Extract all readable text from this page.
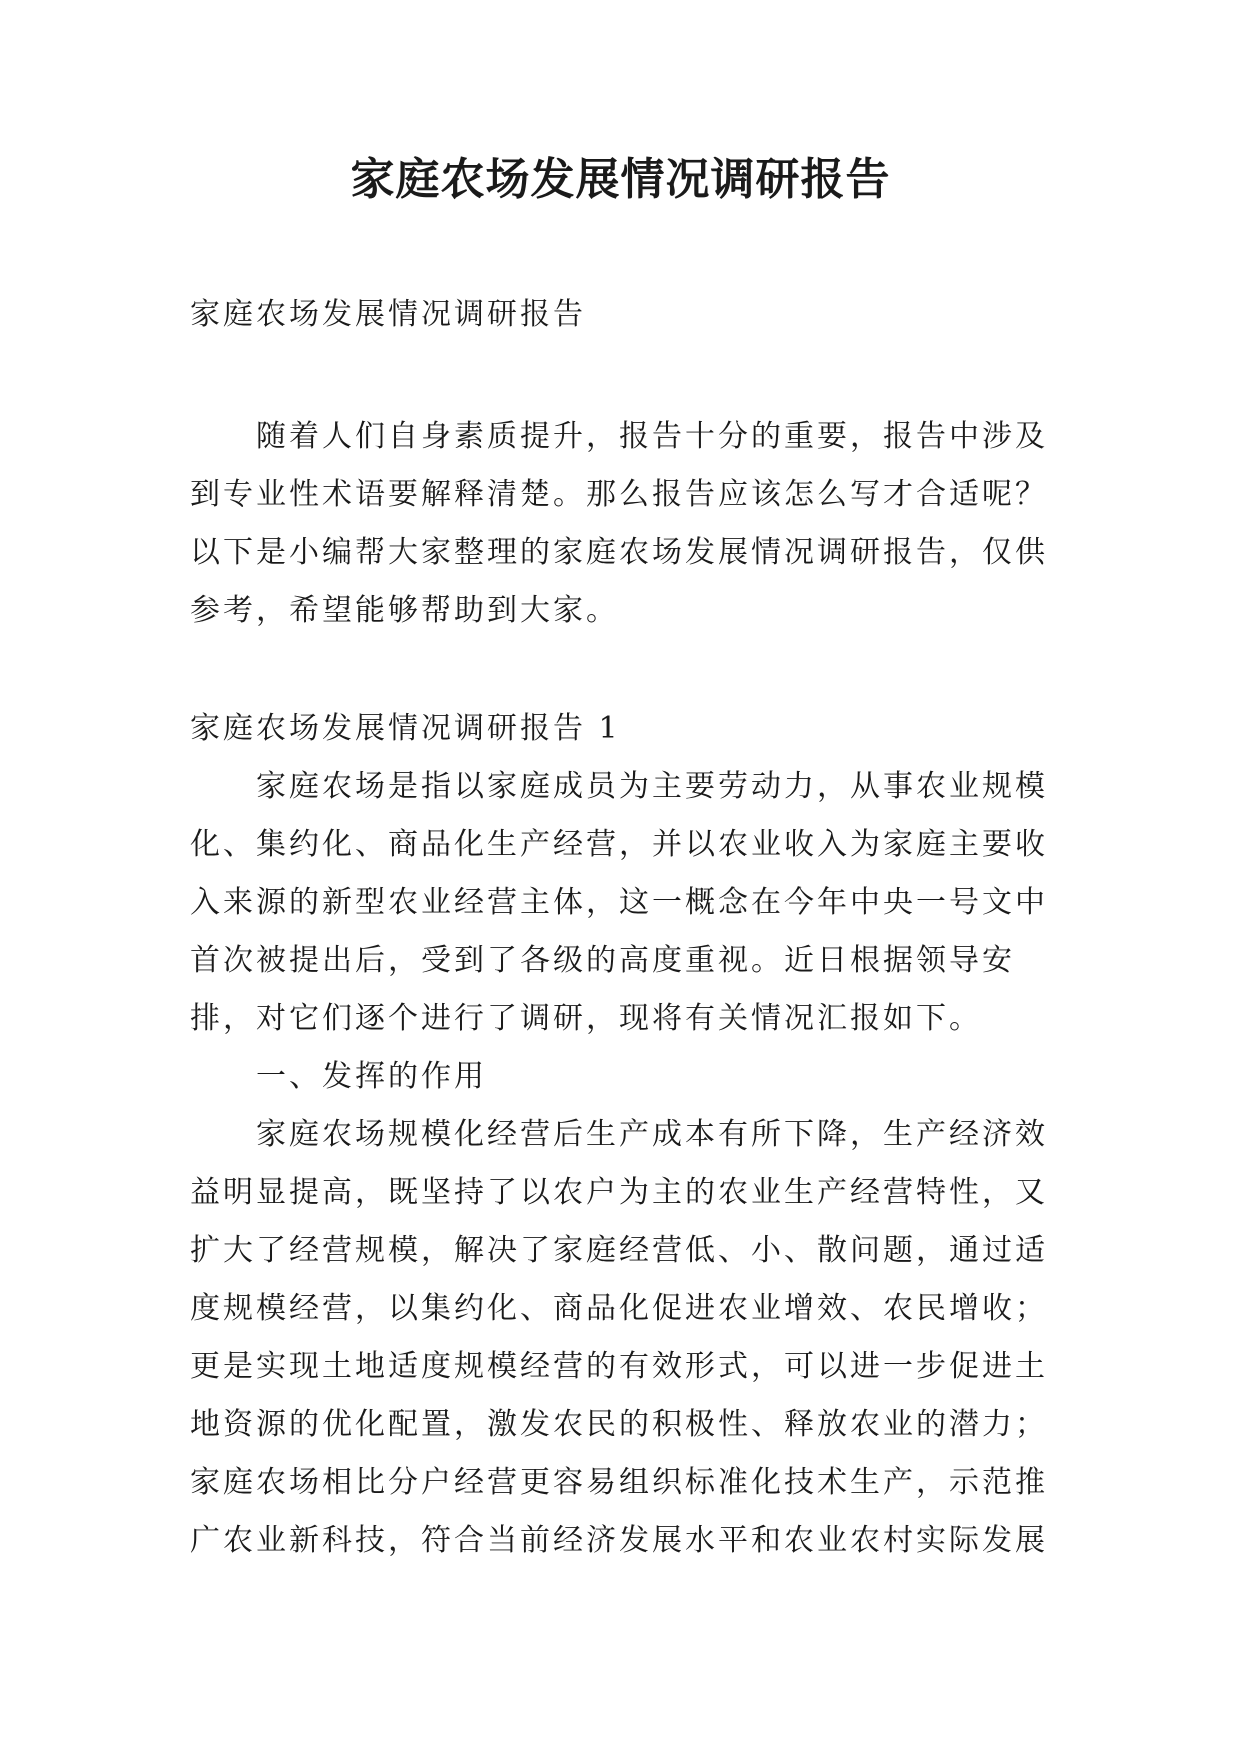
家庭农场发展情况调研报告

家庭农场发展情况调研报告

随着人们自身素质提升，报告十分的重要，报告中涉及到专业性术语要解释清楚。那么报告应该怎么写才合适呢？以下是小编帮大家整理的家庭农场发展情况调研报告，仅供参考，希望能够帮助到大家。

家庭农场发展情况调研报告 1

家庭农场是指以家庭成员为主要劳动力，从事农业规模化、集约化、商品化生产经营，并以农业收入为家庭主要收入来源的新型农业经营主体，这一概念在今年中央一号文中首次被提出后，受到了各级的高度重视。近日根据领导安排，对它们逐个进行了调研，现将有关情况汇报如下。

一、发挥的作用

家庭农场规模化经营后生产成本有所下降，生产经济效益明显提高，既坚持了以农户为主的农业生产经营特性，又扩大了经营规模，解决了家庭经营低、小、散问题，通过适度规模经营，以集约化、商品化促进农业增效、农民增收；更是实现土地适度规模经营的有效形式，可以进一步促进土地资源的优化配置，激发农民的积极性、释放农业的潜力；家庭农场相比分户经营更容易组织标准化技术生产，示范推广农业新科技，符合当前经济发展水平和农业农村实际发展
